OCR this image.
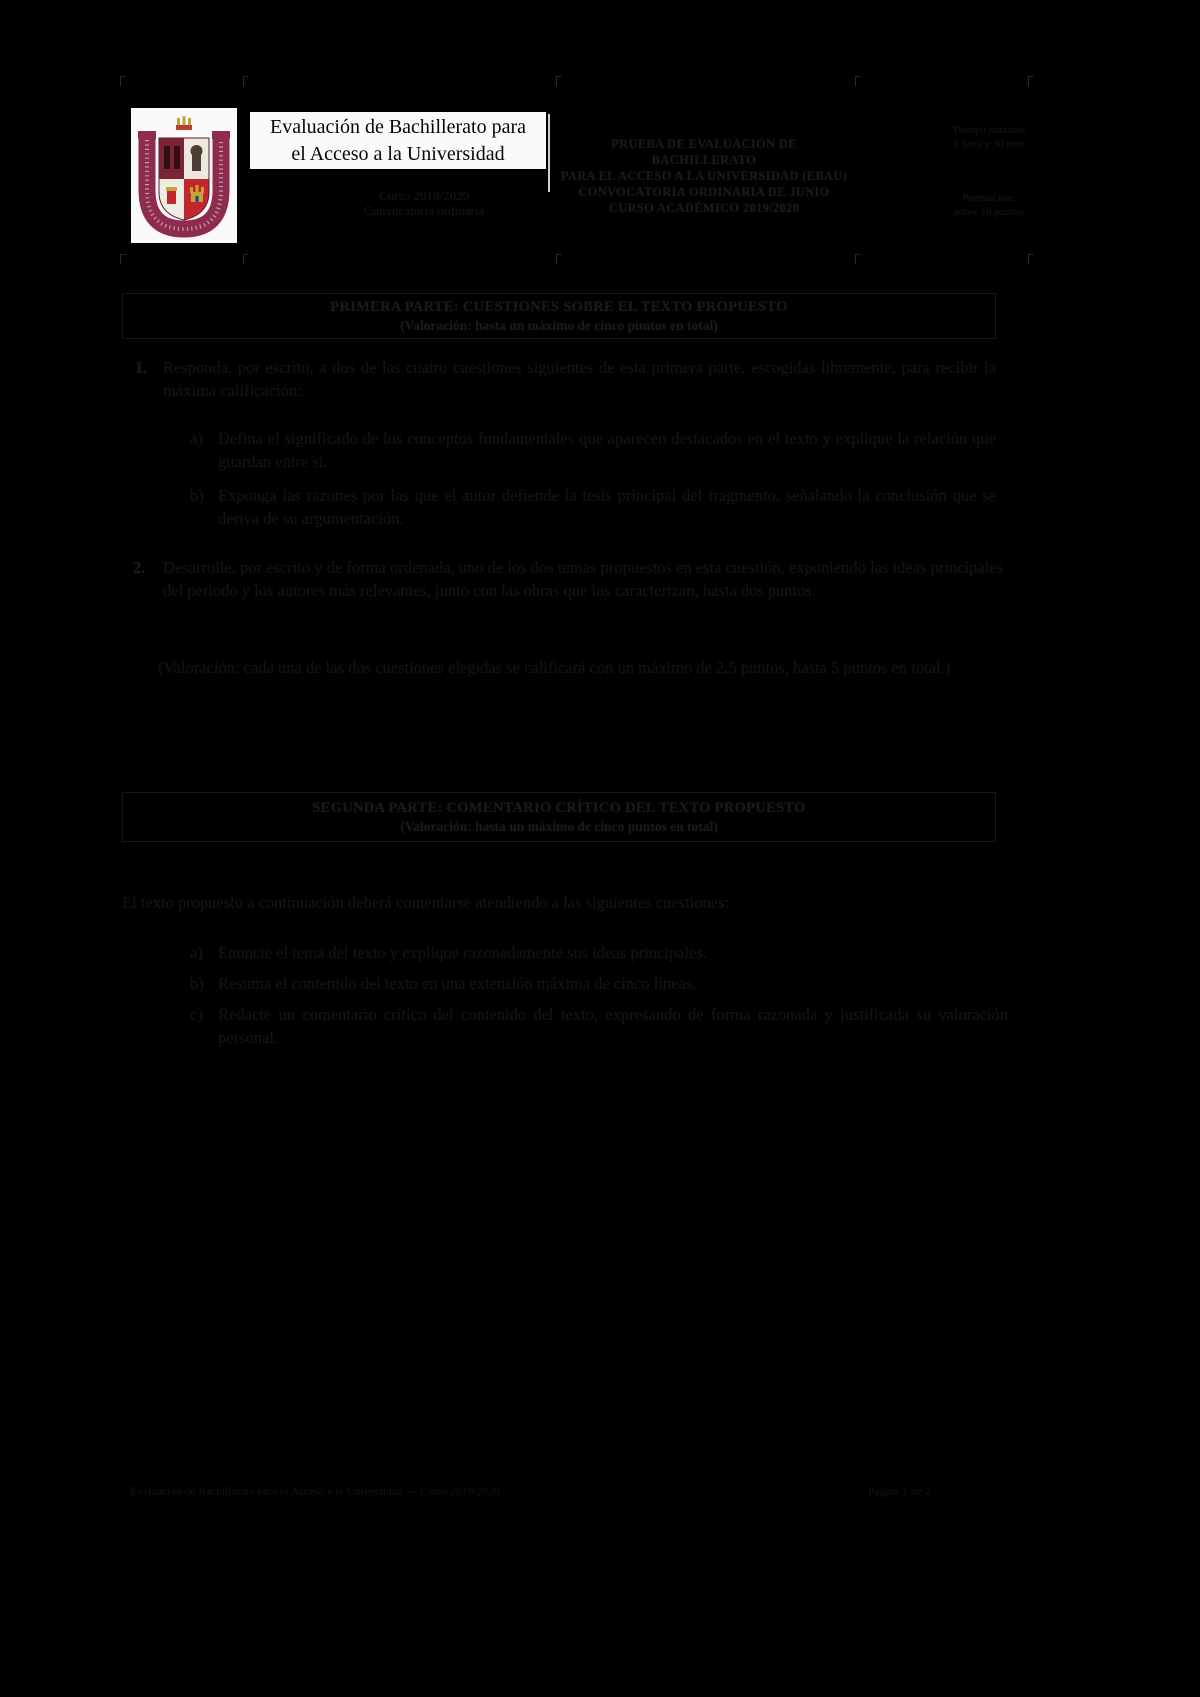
Evaluación de Bachillerato para
el Acceso a la Universidad
Curso 2019/2020
Convocatoria ordinaria
PRUEBA DE EVALUACIÓN DE BACHILLERATO
PARA EL ACCESO A LA UNIVERSIDAD (EBAU)
CONVOCATORIA ORDINARIA DE JUNIO
CURSO ACADÉMICO 2019/2020
Tiempo máximo:
1 hora y 30 min.
Puntuación:
sobre 10 puntos
PRIMERA PARTE: CUESTIONES SOBRE EL TEXTO PROPUESTO
(Valoración: hasta un máximo de cinco puntos en total)
1. Responda, por escrito, a dos de las cuatro cuestiones siguientes de esta primera parte, escogidas libremente, para recibir la máxima calificación:
a) Defina el significado de los conceptos fundamentales que aparecen destacados en el texto y explique la relación que guardan entre sí.
b) Exponga las razones por las que el autor defiende la tesis principal del fragmento, señalando la conclusión que se deriva de su argumentación.
2. Desarrolle, por escrito y de forma ordenada, uno de los dos temas propuestos en esta cuestión, exponiendo las ideas principales del periodo y los autores más relevantes, junto con las obras que los caracterizan, hasta dos puntos.
(Valoración: cada una de las dos cuestiones elegidas se calificará con un máximo de 2,5 puntos, hasta 5 puntos en total.)
SEGUNDA PARTE: COMENTARIO CRÍTICO DEL TEXTO PROPUESTO
(Valoración: hasta un máximo de cinco puntos en total)
El texto propuesto a continuación deberá comentarse atendiendo a las siguientes cuestiones:
a) Enuncie el tema del texto y explique razonadamente sus ideas principales.
b) Resuma el contenido del texto en una extensión máxima de cinco líneas.
c) Redacte un comentario crítico del contenido del texto, expresando de forma razonada y justificada su valoración personal.
Evaluación de Bachillerato para el Acceso a la Universidad — Curso 2019/2020	Página 1 de 2
